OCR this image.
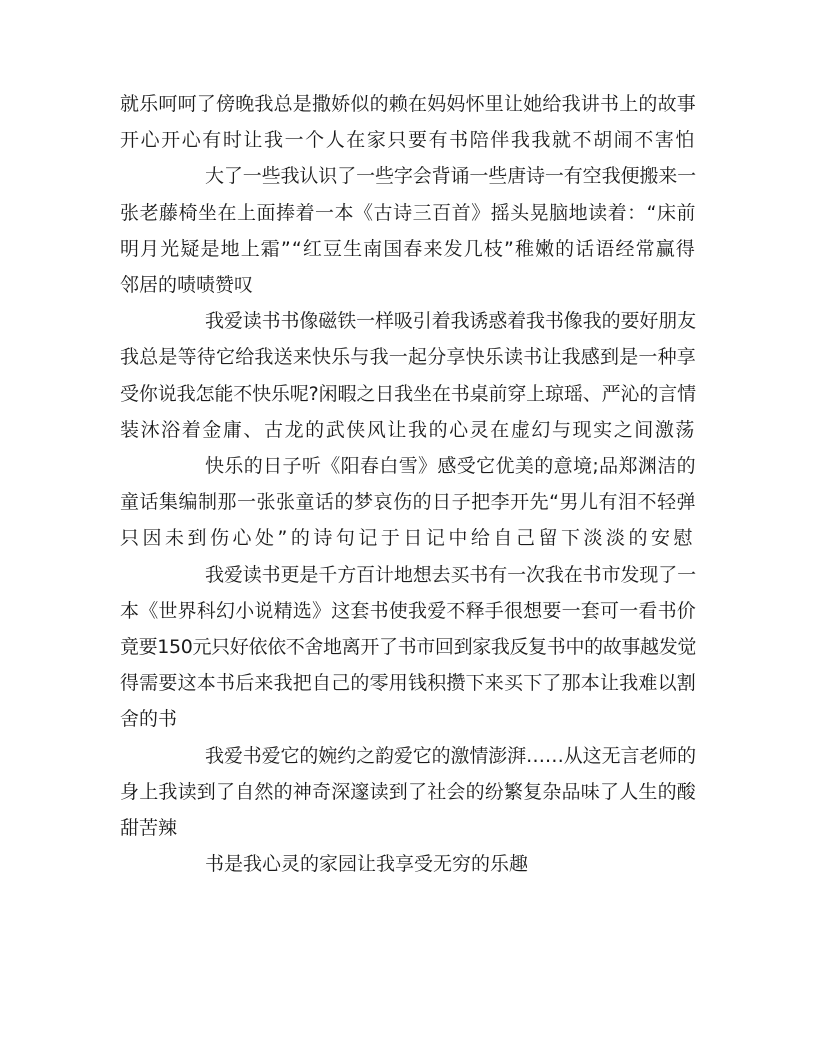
就乐呵呵了傍晚我总是撒娇似的赖在妈妈怀里让她给我讲书上的故事

开心开心有时让我一个人在家只要有书陪伴我我就不胡闹不害怕

大了一些我认识了一些字会背诵一些唐诗一有空我便搬来一

张老藤椅坐在上面捧着一本《古诗三百首》摇头晃脑地读着：“床前

明月光疑是地上霜”“红豆生南国春来发几枝”稚嫩的话语经常赢得

邻居的啧啧赞叹

我爱读书书像磁铁一样吸引着我诱惑着我书像我的要好朋友

我总是等待它给我送来快乐与我一起分享快乐读书让我感到是一种享

受你说我怎能不快乐呢?闲暇之日我坐在书桌前穿上琼瑶、严沁的言情

装沐浴着金庸、古龙的武侠风让我的心灵在虚幻与现实之间激荡

快乐的日子听《阳春白雪》感受它优美的意境;品郑渊洁的

童话集编制那一张张童话的梦哀伤的日子把李开先“男儿有泪不轻弹

只因未到伤心处”的诗句记于日记中给自己留下淡淡的安慰

我爱读书更是千方百计地想去买书有一次我在书市发现了一

本《世界科幻小说精选》这套书使我爱不释手很想要一套可一看书价

竟要150元只好依依不舍地离开了书市回到家我反复书中的故事越发觉

得需要这本书后来我把自己的零用钱积攒下来买下了那本让我难以割

舍的书

我爱书爱它的婉约之韵爱它的激情澎湃……从这无言老师的

身上我读到了自然的神奇深邃读到了社会的纷繁复杂品味了人生的酸

甜苦辣

书是我心灵的家园让我享受无穷的乐趣
